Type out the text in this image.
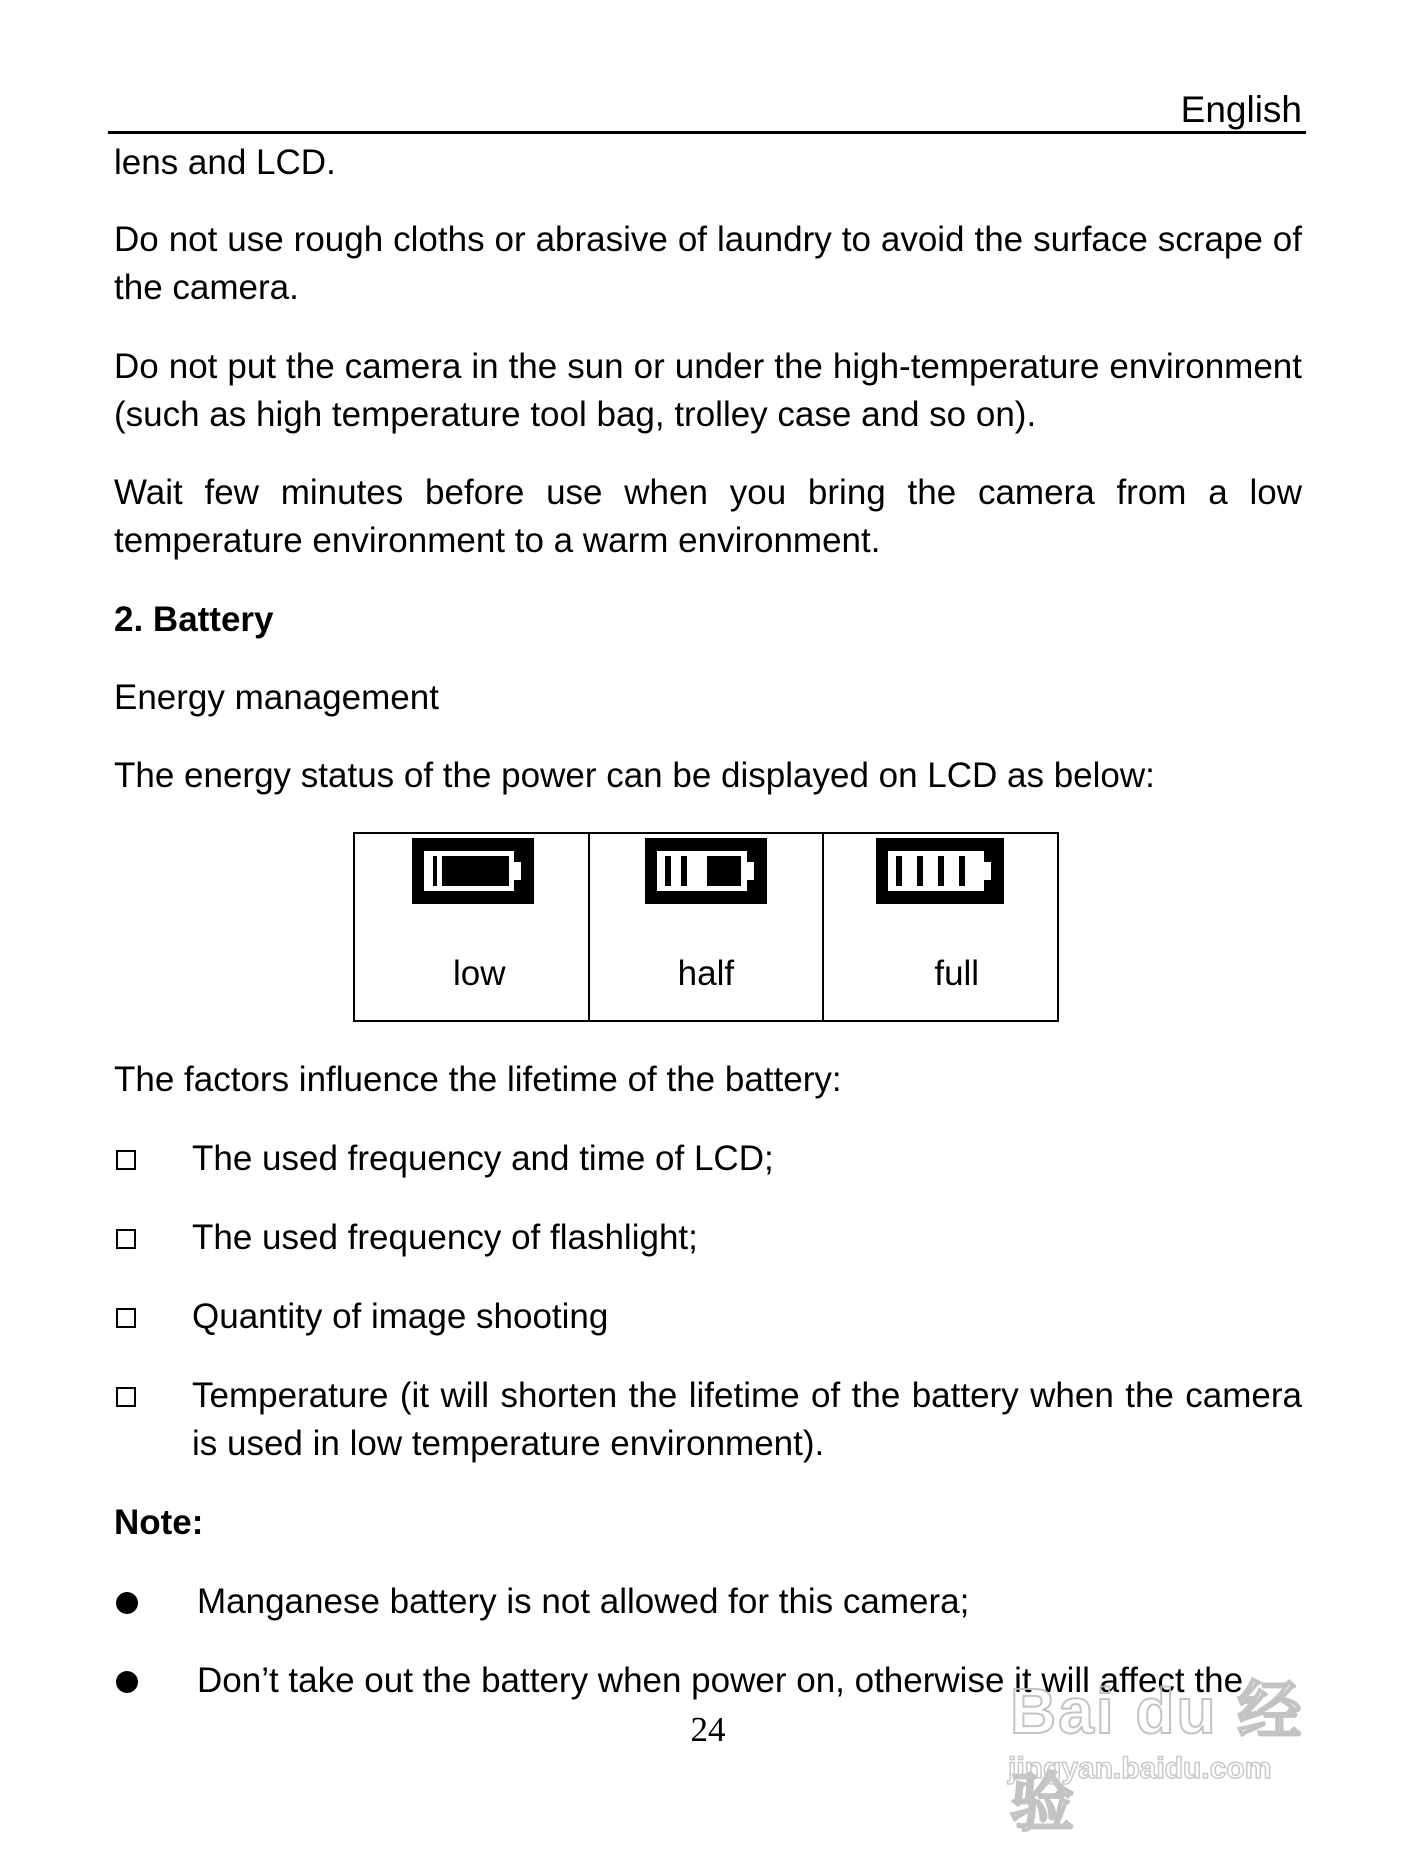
English

lens and LCD.

Do not use rough cloths or abrasive of laundry to avoid the surface scrape of the camera.

Do not put the camera in the sun or under the high-temperature environment (such as high temperature tool bag, trolley case and so on).

Wait few minutes before use when you bring the camera from a low temperature environment to a warm environment.

2. Battery

Energy management

The energy status of the power can be displayed on LCD as below:

low	half	full

The factors influence the lifetime of the battery:

The used frequency and time of LCD;
The used frequency of flashlight;
Quantity of image shooting
Temperature (it will shorten the lifetime of the battery when the camera is used in low temperature environment).

Note:

Manganese battery is not allowed for this camera;
Don’t take out the battery when power on, otherwise it will affect the
24	Bai du 经验
jingyan.baidu.com
